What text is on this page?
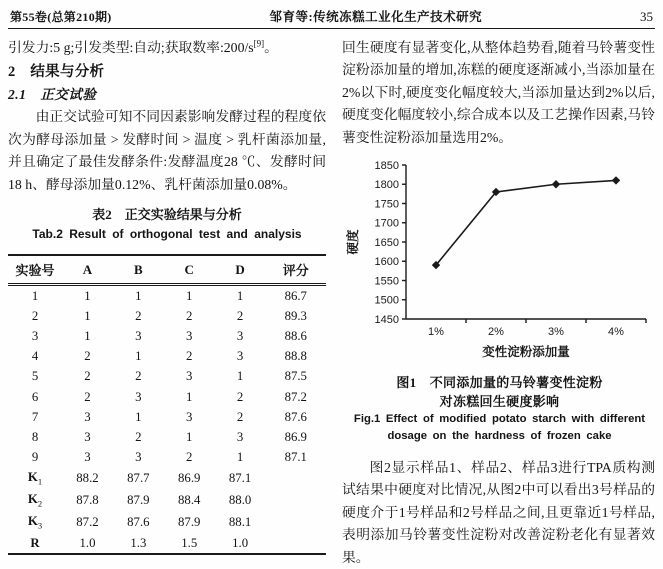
第55卷(总第210期)	邹育等:传统冻糕工业化生产技术研究	35

引发力:5 g;引发类型:自动;获取数率:200/s[9]。

2　结果与分析
2.1　正交试验

由正交试验可知不同因素影响发酵过程的程度依次为酵母添加量 > 发酵时间 > 温度 > 乳杆菌添加量,并且确定了最佳发酵条件:发酵温度28 ℃、发酵时间18 h、酵母添加量0.12%、乳杆菌添加量0.08%。

表2　正交实验结果与分析
Tab.2 Result of orthogonal test and analysis
实验号	A	B	C	D	评分
1	1	1	1	1	86.7
2	1	2	2	2	89.3
3	1	3	3	3	88.6
4	2	1	2	3	88.8
5	2	2	3	1	87.5
6	2	3	1	2	87.2
7	3	1	3	2	87.6
8	3	2	1	3	86.9
9	3	3	2	1	87.1
$K_1$	88.2	87.7	86.9	87.1	
$K_2$	87.8	87.9	88.4	88.0	
$K_3$	87.2	87.6	87.9	88.1	
R	1.0	1.3	1.5	1.0	

回生硬度有显著变化,从整体趋势看,随着马铃薯变性淀粉添加量的增加,冻糕的硬度逐渐减小,当添加量在2%以下时,硬度变化幅度较大,当添加量达到2%以后,硬度变化幅度较小,综合成本以及工艺操作因素,马铃薯变性淀粉添加量选用2%。

1450
1500
1550
1600
1650
1700
1750
1800
1850
1%	2%	3%	4%
变性淀粉添加量
硬度
图1　不同添加量的马铃薯变性淀粉
对冻糕回生硬度影响
Fig.1 Effect of modified potato starch with different
dosage on the hardness of frozen cake

图2显示样品1、样品2、样品3进行TPA质构测试结果中硬度对比情况,从图2中可以看出3号样品的硬度介于1号样品和2号样品之间,且更靠近1号样品,表明添加马铃薯变性淀粉对改善淀粉老化有显著效果。
